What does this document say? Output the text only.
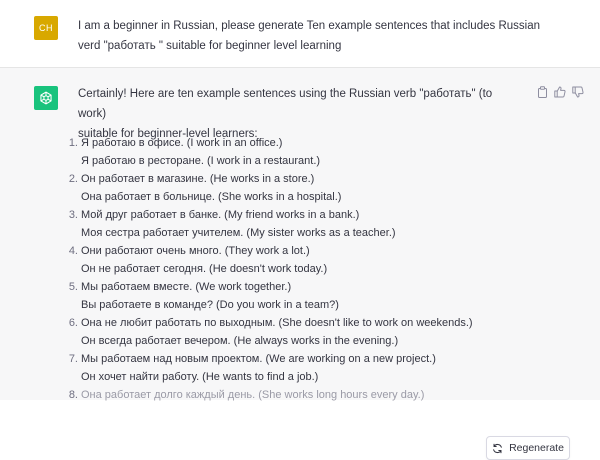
CH	I am a beginner in Russian, please generate Ten example sentences that includes Russian
verd "работать " suitable for beginner level learning
Certainly! Here are ten example sentences using the Russian verb "работать" (to work)
suitable for beginner-level learners:
1. Я работаю в офисе. (I work in an office.)
Я работаю в ресторане. (I work in a restaurant.)
2. Он работает в магазине. (He works in a store.)
Она работает в больнице. (She works in a hospital.)
3. Мой друг работает в банке. (My friend works in a bank.)
Моя сестра работает учителем. (My sister works as a teacher.)
4. Они работают очень много. (They work a lot.)
Он не работает сегодня. (He doesn't work today.)
5. Мы работаем вместе. (We work together.)
Вы работаете в команде? (Do you work in a team?)
6. Она не любит работать по выходным. (She doesn't like to work on weekends.)
Он всегда работает вечером. (He always works in the evening.)
7. Мы работаем над новым проектом. (We are working on a new project.)
Он хочет найти работу. (He wants to find a job.)
8. Она работает долго каждый день. (She works long hours every day.)
Regenerate
